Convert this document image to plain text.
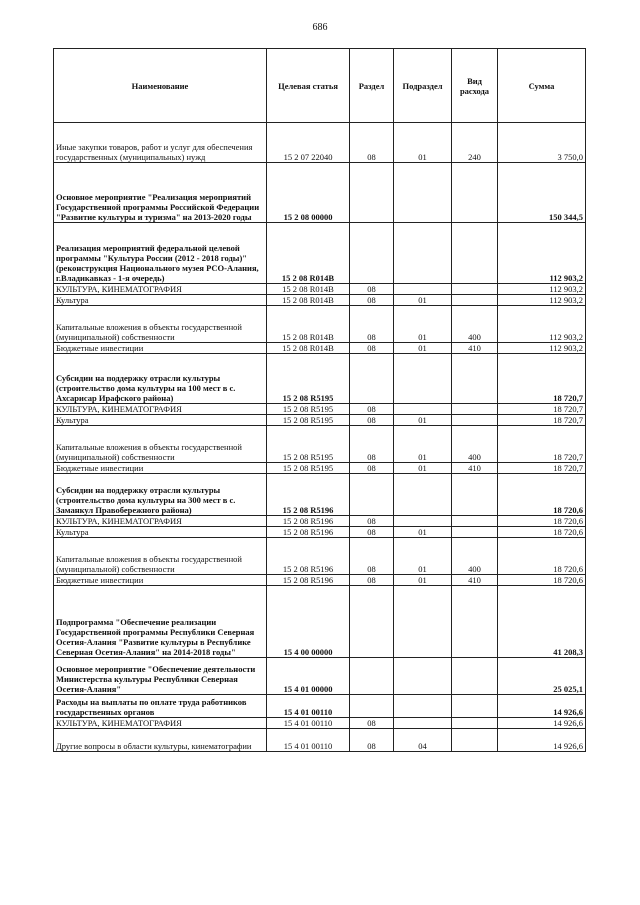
686
Наименование	Целевая статья	Раздел	Подраздел	Вид расхода	Сумма
Иные закупки товаров, работ и услуг для обеспечения государственных (муниципальных) нужд	15 2 07 22040	08	01	240	3 750,0
Основное мероприятие "Реализация мероприятий Государственной программы Российской Федерации "Развитие культуры и туризма" на 2013-2020 годы	15 2 08 00000				150 344,5
Реализация мероприятий федеральной целевой программы "Культура России (2012 - 2018 годы)" (реконструкция Национального музея РСО-Алания, г.Владикавказ - 1-я очередь)	15 2 08 R014B				112 903,2
КУЛЬТУРА, КИНЕМАТОГРАФИЯ	15 2 08 R014B	08			112 903,2
Культура	15 2 08 R014B	08	01		112 903,2
Капитальные вложения в объекты государственной (муниципальной) собственности	15 2 08 R014B	08	01	400	112 903,2
Бюджетные инвестиции	15 2 08 R014B	08	01	410	112 903,2
Субсидии на поддержку отрасли культуры (строительство дома культуры на 100 мест в с. Ахсарисар Ирафского района)	15 2 08 R5195				18 720,7
КУЛЬТУРА, КИНЕМАТОГРАФИЯ	15 2 08 R5195	08			18 720,7
Культура	15 2 08 R5195	08	01		18 720,7
Капитальные вложения в объекты государственной (муниципальной) собственности	15 2 08 R5195	08	01	400	18 720,7
Бюджетные инвестиции	15 2 08 R5195	08	01	410	18 720,7
Субсидии на поддержку отрасли культуры (строительство дома культуры на 300 мест в с. Заманкул Правобережного района)	15 2 08 R5196				18 720,6
КУЛЬТУРА, КИНЕМАТОГРАФИЯ	15 2 08 R5196	08			18 720,6
Культура	15 2 08 R5196	08	01		18 720,6
Капитальные вложения в объекты государственной (муниципальной) собственности	15 2 08 R5196	08	01	400	18 720,6
Бюджетные инвестиции	15 2 08 R5196	08	01	410	18 720,6
Подпрограмма "Обеспечение реализации Государственной программы Республики Северная Осетия-Алания "Развитие культуры в Республике Северная Осетия-Алания" на 2014-2018 годы"	15 4 00 00000				41 208,3
Основное мероприятие "Обеспечение деятельности Министерства культуры Республики Северная Осетия-Алания"	15 4 01 00000				25 025,1
Расходы на выплаты по оплате труда работников государственных органов	15 4 01 00110				14 926,6
КУЛЬТУРА, КИНЕМАТОГРАФИЯ	15 4 01 00110	08			14 926,6
Другие вопросы в области культуры, кинематографии	15 4 01 00110	08	04		14 926,6
